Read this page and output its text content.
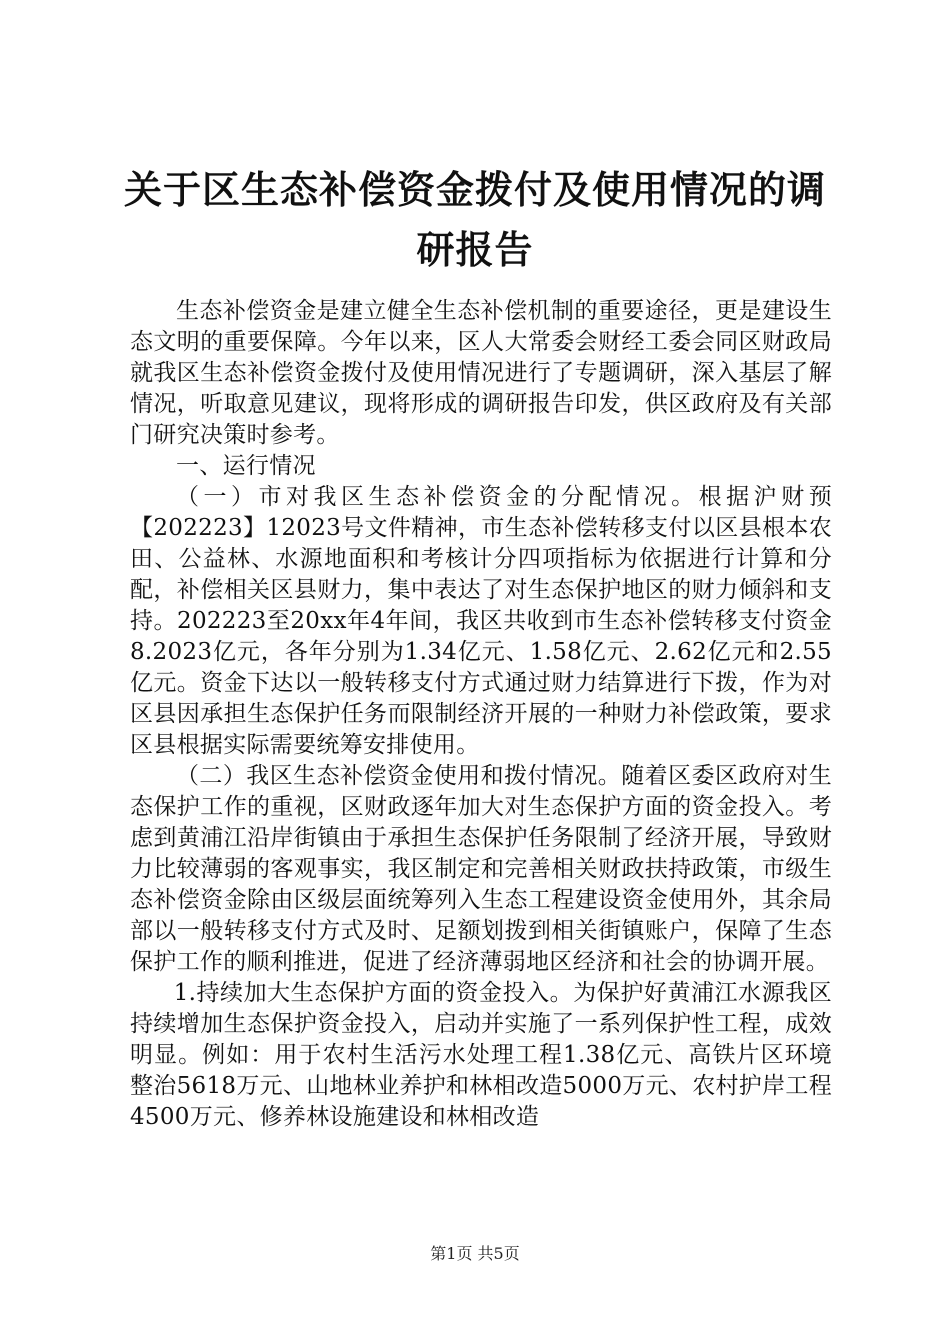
关于区生态补偿资金拨付及使用情况的调研报告

生态补偿资金是建立健全生态补偿机制的重要途径，更是建设生态文明的重要保障。今年以来，区人大常委会财经工委会同区财政局就我区生态补偿资金拨付及使用情况进行了专题调研，深入基层了解情况，听取意见建议，现将形成的调研报告印发，供区政府及有关部门研究决策时参考。

一、运行情况

（一）市对我区生态补偿资金的分配情况。根据沪财预【202223】12023号文件精神，市生态补偿转移支付以区县根本农田、公益林、水源地面积和考核计分四项指标为依据进行计算和分配，补偿相关区县财力，集中表达了对生态保护地区的财力倾斜和支持。202223至20xx年4年间，我区共收到市生态补偿转移支付资金8.2023亿元，各年分别为1.34亿元、1.58亿元、2.62亿元和2.55亿元。资金下达以一般转移支付方式通过财力结算进行下拨，作为对区县因承担生态保护任务而限制经济开展的一种财力补偿政策，要求区县根据实际需要统筹安排使用。

（二）我区生态补偿资金使用和拨付情况。随着区委区政府对生态保护工作的重视，区财政逐年加大对生态保护方面的资金投入。考虑到黄浦江沿岸街镇由于承担生态保护任务限制了经济开展，导致财力比较薄弱的客观事实，我区制定和完善相关财政扶持政策，市级生态补偿资金除由区级层面统筹列入生态工程建设资金使用外，其余局部以一般转移支付方式及时、足额划拨到相关街镇账户，保障了生态保护工作的顺利推进，促进了经济薄弱地区经济和社会的协调开展。

1.持续加大生态保护方面的资金投入。为保护好黄浦江水源我区持续增加生态保护资金投入，启动并实施了一系列保护性工程，成效明显。例如：用于农村生活污水处理工程1.38亿元、高铁片区环境整治5618万元、山地林业养护和林相改造5000万元、农村护岸工程4500万元、修养林设施建设和林相改造

第1页 共5页
